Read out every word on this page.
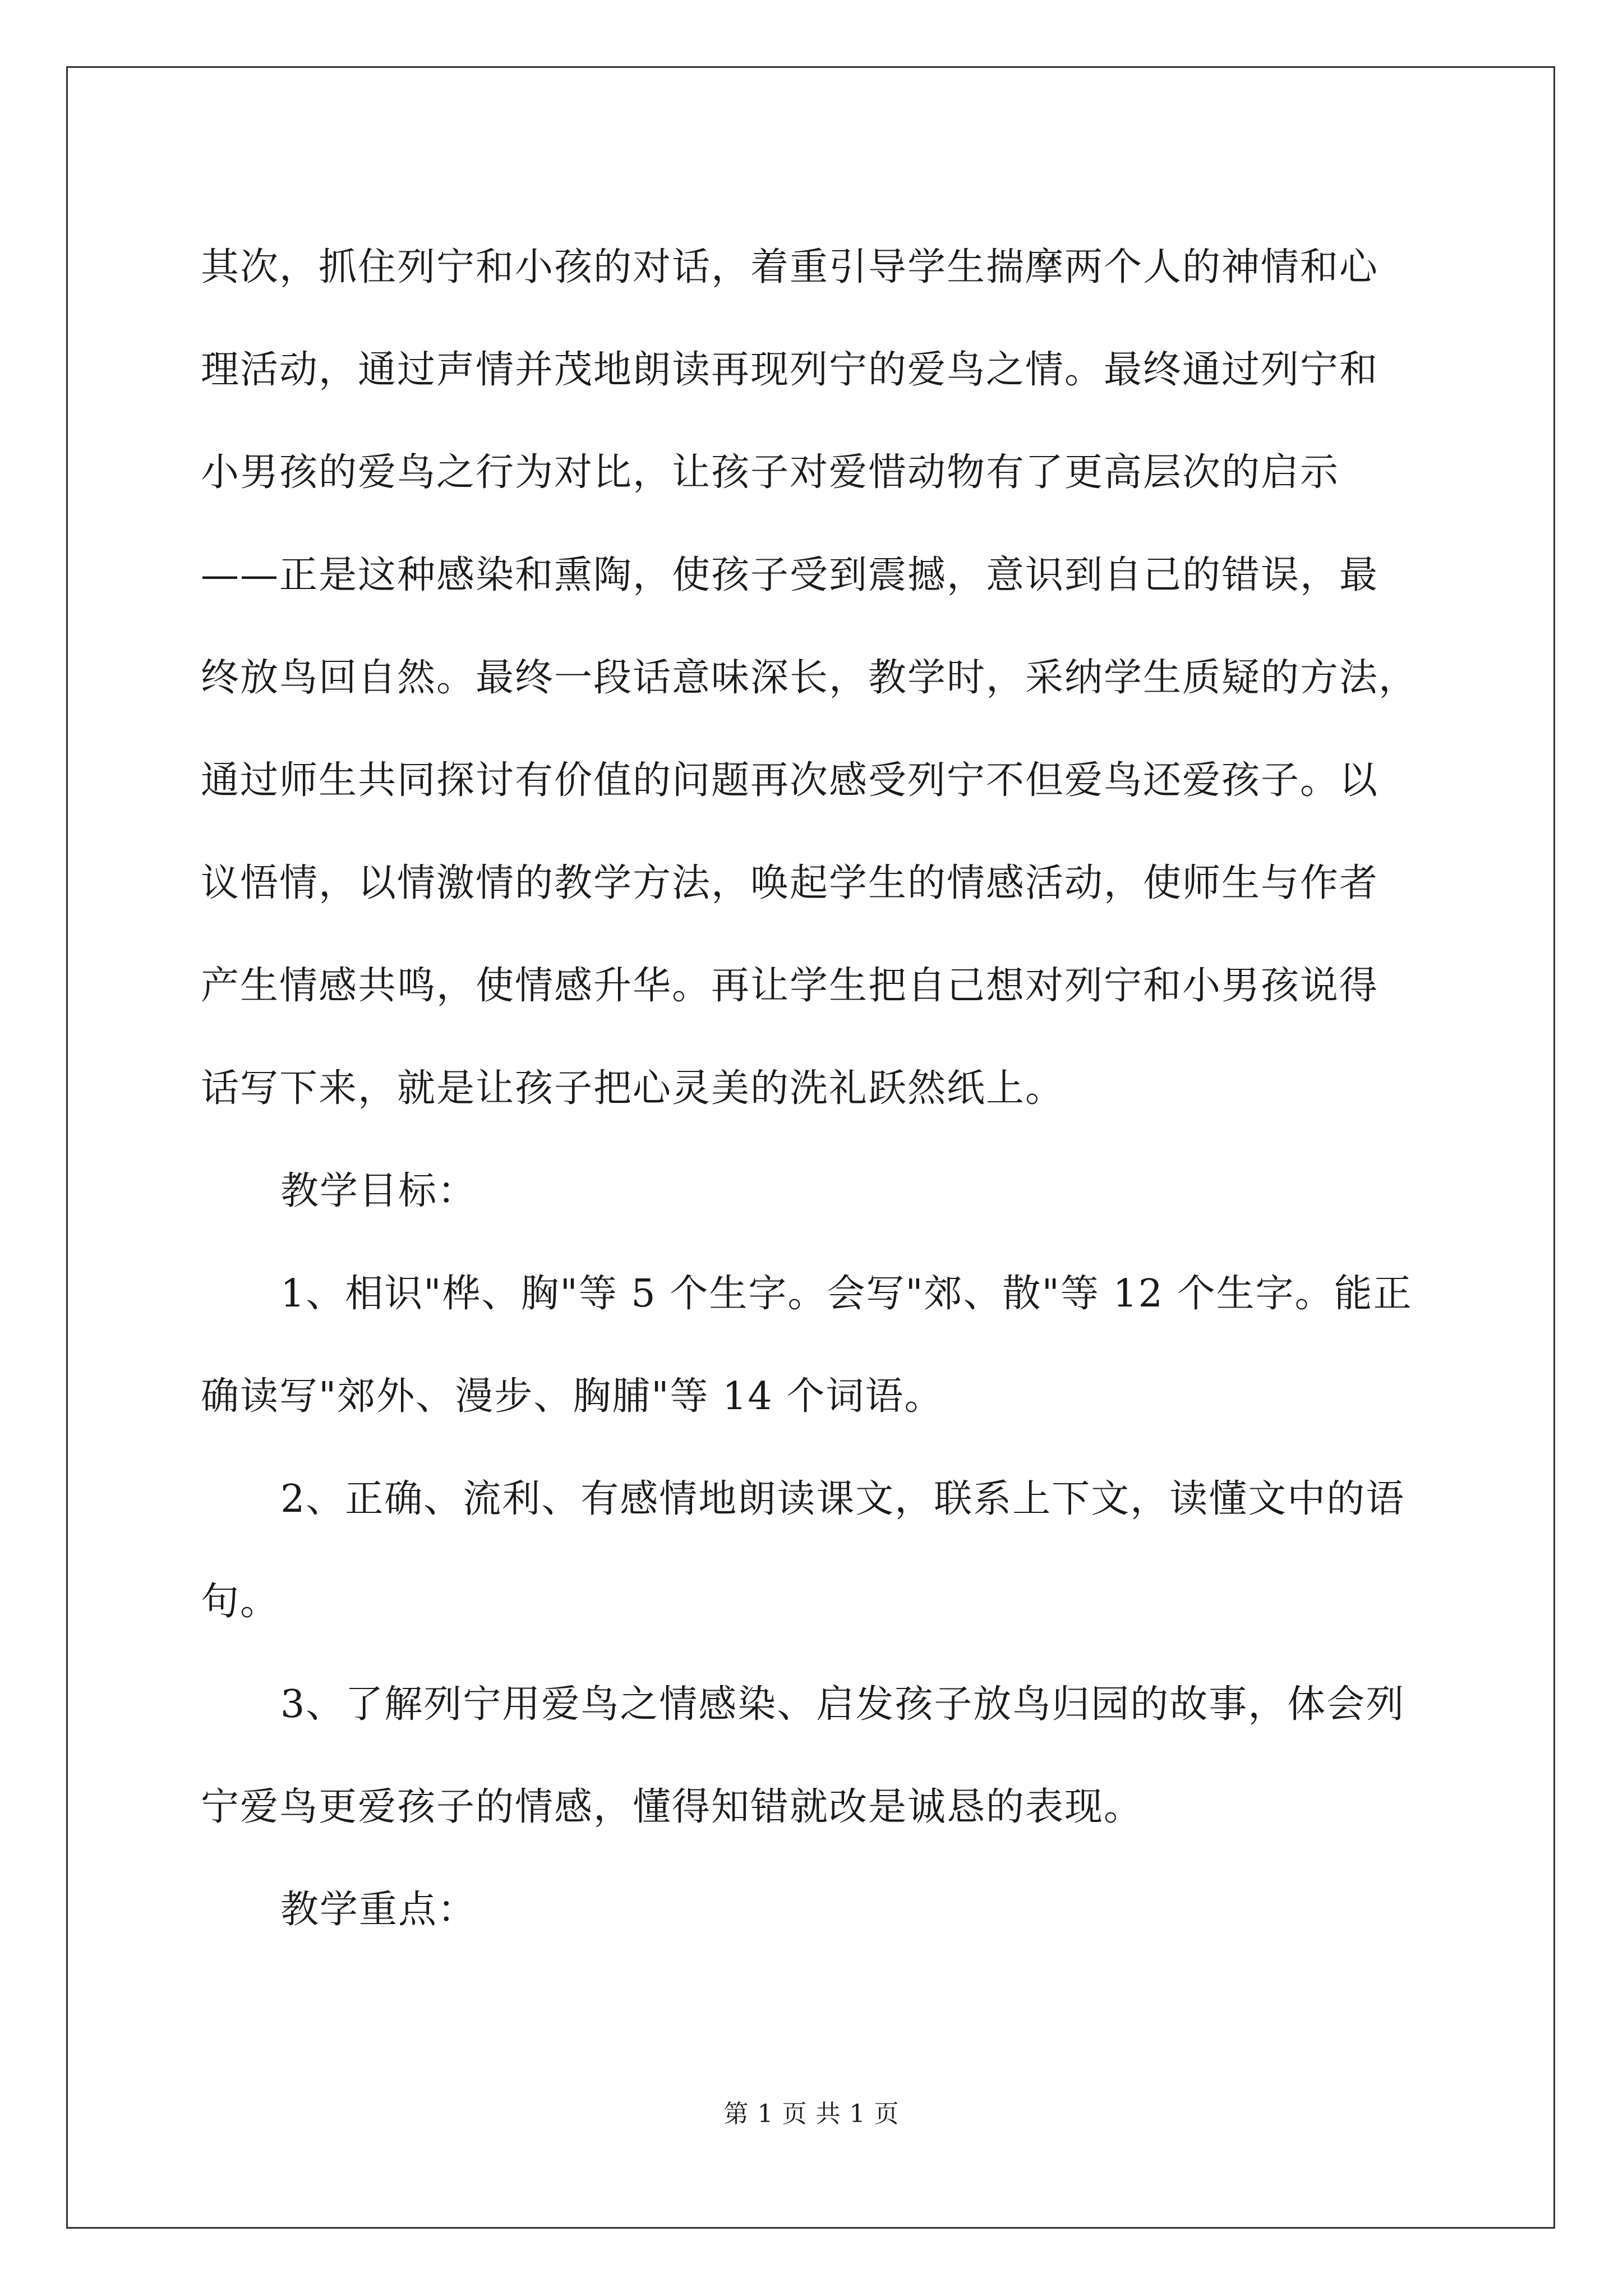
其次，抓住列宁和小孩的对话，着重引导学生揣摩两个人的神情和心
理活动，通过声情并茂地朗读再现列宁的爱鸟之情。最终通过列宁和
小男孩的爱鸟之行为对比，让孩子对爱惜动物有了更高层次的启示
——正是这种感染和熏陶，使孩子受到震撼，意识到自己的错误，最
终放鸟回自然。最终一段话意味深长，教学时，采纳学生质疑的方法，
通过师生共同探讨有价值的问题再次感受列宁不但爱鸟还爱孩子。以
议悟情，以情激情的教学方法，唤起学生的情感活动，使师生与作者
产生情感共鸣，使情感升华。再让学生把自己想对列宁和小男孩说得
话写下来，就是让孩子把心灵美的洗礼跃然纸上。

教学目标：

1、相识"桦、胸"等 5 个生字。会写"郊、散"等 12 个生字。能正
确读写"郊外、漫步、胸脯"等 14 个词语。

2、正确、流利、有感情地朗读课文，联系上下文，读懂文中的语
句。

3、了解列宁用爱鸟之情感染、启发孩子放鸟归园的故事，体会列
宁爱鸟更爱孩子的情感，懂得知错就改是诚恳的表现。

教学重点：

第 1 页 共 1 页
